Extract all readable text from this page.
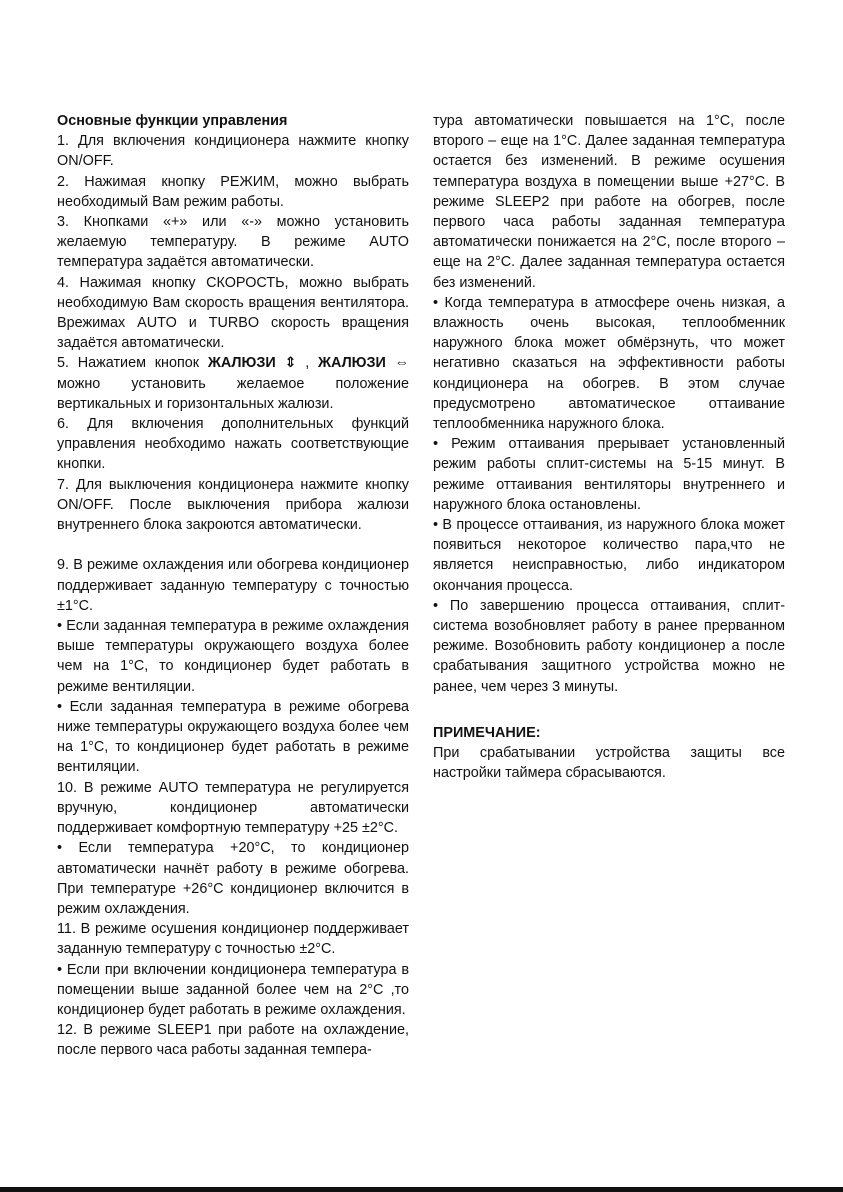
Основные функции управления

1. Для включения кондиционера нажмите кнопку ON/OFF.

2. Нажимая кнопку РЕЖИМ, можно выбрать необходимый Вам режим работы.

3. Кнопками «+» или «-» можно установить желаемую температуру. В режиме AUTO температура задаётся автоматически.

4. Нажимая кнопку СКОРОСТЬ, можно выбрать необходимую Вам скорость вращения вентилятора. Врежимах AUTO и TURBO скорость вращения задаётся автоматически.

5. Нажатием кнопок ЖАЛЮЗИ ⇕ , ЖАЛЮЗИ ⇔ можно установить желаемое положение вертикальных и горизонтальных жалюзи.

6. Для включения дополнительных функций управления необходимо нажать соответствующие кнопки.

7. Для выключения кондиционера нажмите кнопку ON/OFF. После выключения прибора жалюзи внутреннего блока закроются автоматически.

9. В режиме охлаждения или обогрева кондиционер поддерживает заданную температуру с точностью ±1°C.

• Если заданная температура в режиме охлаждения выше температуры окружающего воздуха более чем на 1°C, то кондиционер будет работать в режиме вентиляции.

• Если заданная температура в режиме обогрева ниже температуры окружающего воздуха более чем на 1°C, то кондиционер будет работать в режиме вентиляции.

10. В режиме AUTO температура не регулируется вручную, кондиционер автоматически поддерживает комфортную температуру +25 ±2°C.

• Если температура +20°C, то кондиционер автоматически начнёт работу в режиме обогрева. При температуре +26°C кондиционер включится в режим охлаждения.

11. В режиме осушения кондиционер поддерживает заданную температуру с точностью ±2°C.

• Если при включении кондиционера температура в помещении выше заданной более чем на 2°C ,то кондиционер будет работать в режиме охлаждения.

12. В режиме SLEEP1 при работе на охлаждение, после первого часа работы заданная темпера-

тура автоматически повышается на 1°C, после второго – еще на 1°C. Далее заданная температура остается без изменений. В режиме осушения температура воздуха в помещении выше +27°C. В режиме SLEEP2 при работе на обогрев, после первого часа работы заданная температура автоматически понижается на 2°C, после второго – еще на 2°C. Далее заданная температура остается без изменений.

• Когда температура в атмосфере очень низкая, а влажность очень высокая, теплообменник наружного блока может обмёрзнуть, что может негативно сказаться на эффективности работы кондиционера на обогрев. В этом случае предусмотрено автоматическое оттаивание теплообменника наружного блока.

• Режим оттаивания прерывает установленный режим работы сплит-системы на 5-15 минут. В режиме оттаивания вентиляторы внутреннего и наружного блока остановлены.

• В процессе оттаивания, из наружного блока может появиться некоторое количество пара,что не является неисправностью, либо индикатором окончания процесса.

• По завершению процесса оттаивания, сплит-система возобновляет работу в ранее прерванном режиме. Возобновить работу кондиционер а после срабатывания защитного устройства можно не ранее, чем через 3 минуты.

ПРИМЕЧАНИЕ:

При срабатывании устройства защиты все настройки таймера сбрасываются.
